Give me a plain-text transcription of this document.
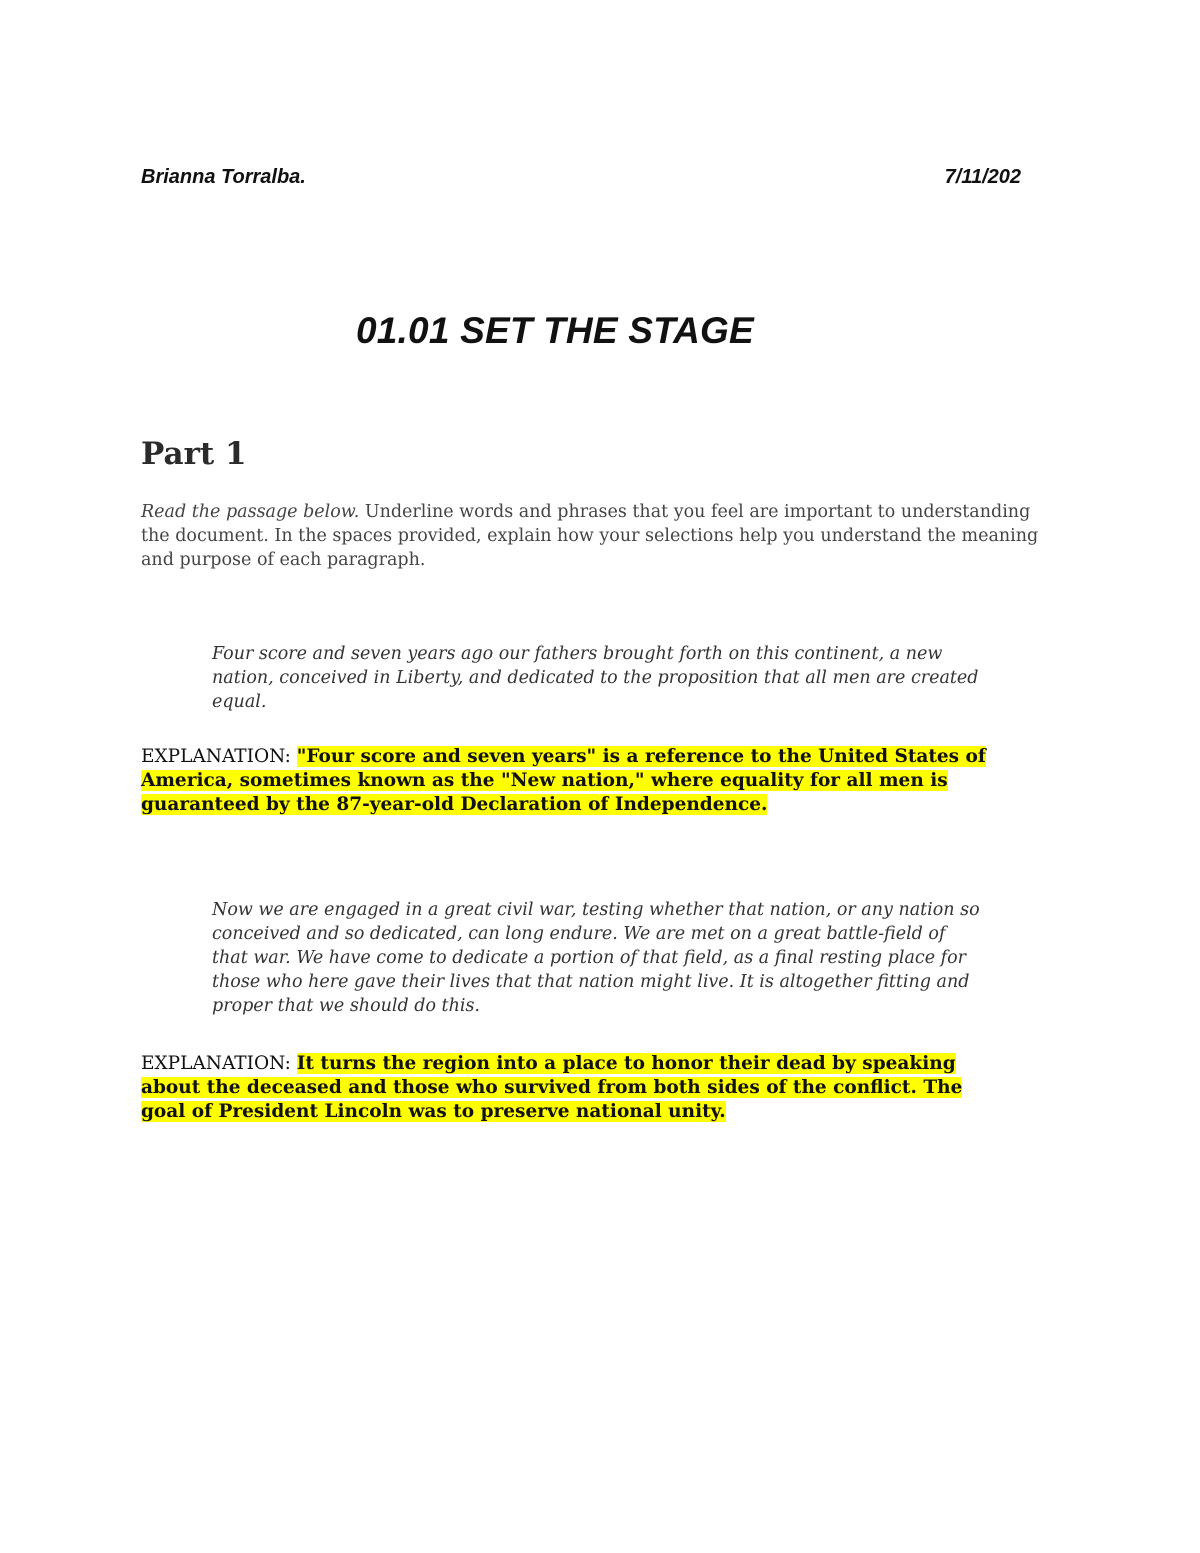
Brianna Torralba.	7/11/202
01.01 SET THE STAGE
Part 1

Read the passage below. Underline words and phrases that you feel are important to understanding the document. In the spaces provided, explain how your selections help you understand the meaning and purpose of each paragraph.

Four score and seven years ago our fathers brought forth on this continent, a new nation, conceived in Liberty, and dedicated to the proposition that all men are created equal.

EXPLANATION: "Four score and seven years" is a reference to the United States of America, sometimes known as the "New nation," where equality for all men is guaranteed by the 87-year-old Declaration of Independence.

Now we are engaged in a great civil war, testing whether that nation, or any nation so conceived and so dedicated, can long endure. We are met on a great battle-field of that war. We have come to dedicate a portion of that field, as a final resting place for those who here gave their lives that that nation might live. It is altogether fitting and proper that we should do this.

EXPLANATION: It turns the region into a place to honor their dead by speaking about the deceased and those who survived from both sides of the conflict. The goal of President Lincoln was to preserve national unity.
